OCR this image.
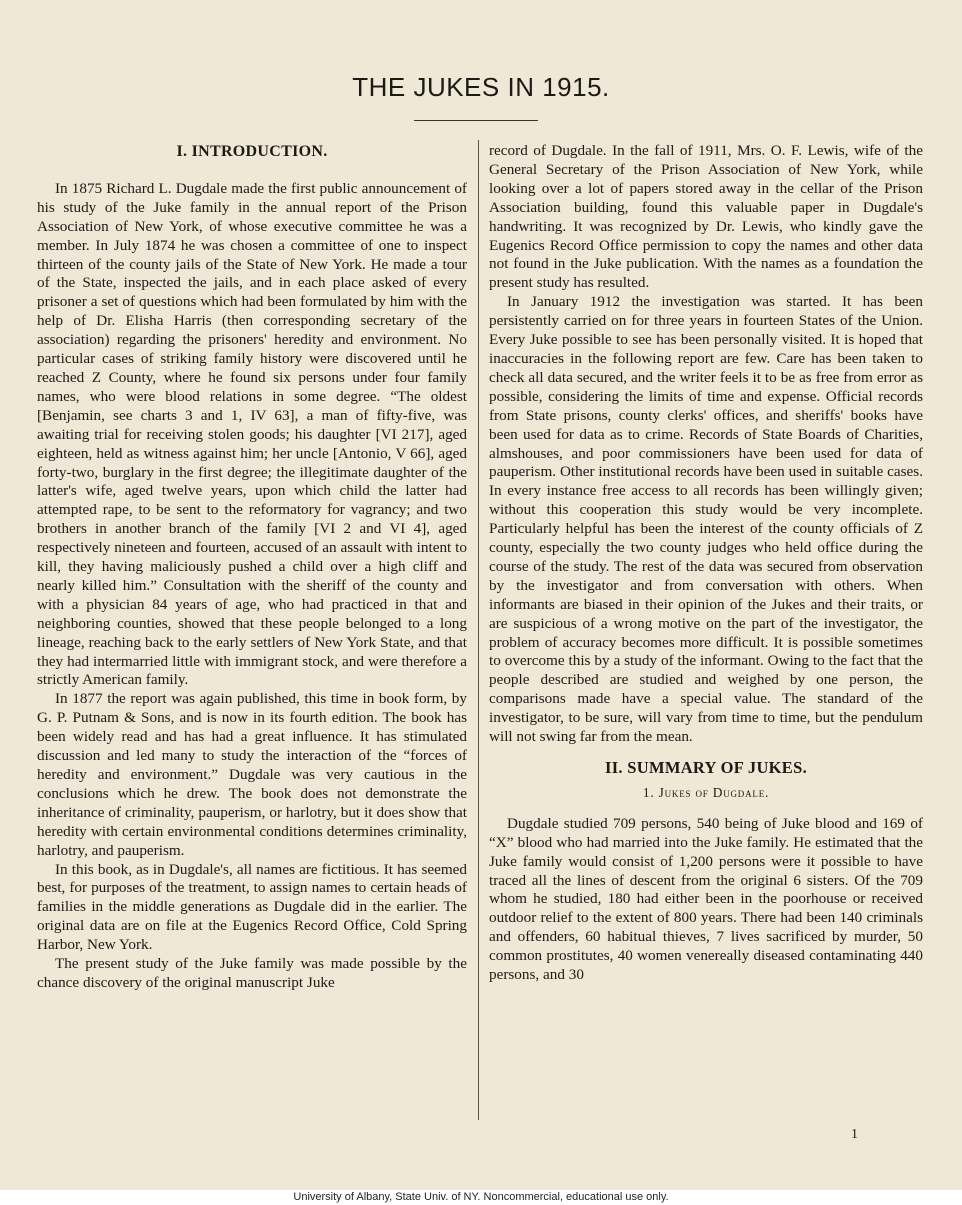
THE JUKES IN 1915.
I. INTRODUCTION.

In 1875 Richard L. Dugdale made the first public announcement of his study of the Juke family in the annual report of the Prison Association of New York, of whose executive committee he was a member. In July 1874 he was chosen a committee of one to inspect thirteen of the county jails of the State of New York. He made a tour of the State, inspected the jails, and in each place asked of every prisoner a set of questions which had been formulated by him with the help of Dr. Elisha Harris (then corresponding secretary of the association) regarding the prisoners' heredity and environment. No particular cases of striking family history were discovered until he reached Z County, where he found six persons under four family names, who were blood relations in some degree. “The oldest [Benjamin, see charts 3 and 1, IV 63], a man of fifty-five, was awaiting trial for receiving stolen goods; his daughter [VI 217], aged eighteen, held as witness against him; her uncle [Antonio, V 66], aged forty-two, burglary in the first degree; the illegitimate daughter of the latter's wife, aged twelve years, upon which child the latter had attempted rape, to be sent to the reformatory for vagrancy; and two brothers in another branch of the family [VI 2 and VI 4], aged respectively nineteen and fourteen, accused of an assault with intent to kill, they having maliciously pushed a child over a high cliff and nearly killed him.” Consultation with the sheriff of the county and with a physician 84 years of age, who had practiced in that and neighboring counties, showed that these people belonged to a long lineage, reaching back to the early settlers of New York State, and that they had intermarried little with immigrant stock, and were therefore a strictly American family.

In 1877 the report was again published, this time in book form, by G. P. Putnam & Sons, and is now in its fourth edition. The book has been widely read and has had a great influence. It has stimulated discussion and led many to study the interaction of the “forces of heredity and environment.” Dugdale was very cautious in the conclusions which he drew. The book does not demonstrate the inheritance of criminality, pauperism, or harlotry, but it does show that heredity with certain environmental conditions determines criminality, harlotry, and pauperism.

In this book, as in Dugdale's, all names are fictitious. It has seemed best, for purposes of the treatment, to assign names to certain heads of families in the middle generations as Dugdale did in the earlier. The original data are on file at the Eugenics Record Office, Cold Spring Harbor, New York.

The present study of the Juke family was made possible by the chance discovery of the original manuscript Juke

record of Dugdale. In the fall of 1911, Mrs. O. F. Lewis, wife of the General Secretary of the Prison Association of New York, while looking over a lot of papers stored away in the cellar of the Prison Association building, found this valuable paper in Dugdale's handwriting. It was recognized by Dr. Lewis, who kindly gave the Eugenics Record Office permission to copy the names and other data not found in the Juke publication. With the names as a foundation the present study has resulted.

In January 1912 the investigation was started. It has been persistently carried on for three years in fourteen States of the Union. Every Juke possible to see has been personally visited. It is hoped that inaccuracies in the following report are few. Care has been taken to check all data secured, and the writer feels it to be as free from error as possible, considering the limits of time and expense. Official records from State prisons, county clerks' offices, and sheriffs' books have been used for data as to crime. Records of State Boards of Charities, almshouses, and poor commissioners have been used for data of pauperism. Other institutional records have been used in suitable cases. In every instance free access to all records has been willingly given; without this cooperation this study would be very incomplete. Particularly helpful has been the interest of the county officials of Z county, especially the two county judges who held office during the course of the study. The rest of the data was secured from observation by the investigator and from conversation with others. When informants are biased in their opinion of the Jukes and their traits, or are suspicious of a wrong motive on the part of the investigator, the problem of accuracy becomes more difficult. It is possible sometimes to overcome this by a study of the informant. Owing to the fact that the people described are studied and weighed by one person, the comparisons made have a special value. The standard of the investigator, to be sure, will vary from time to time, but the pendulum will not swing far from the mean.

II. SUMMARY OF JUKES.
1. Jukes of Dugdale.

Dugdale studied 709 persons, 540 being of Juke blood and 169 of “X” blood who had married into the Juke family. He estimated that the Juke family would consist of 1,200 persons were it possible to have traced all the lines of descent from the original 6 sisters. Of the 709 whom he studied, 180 had either been in the poorhouse or received outdoor relief to the extent of 800 years. There had been 140 criminals and offenders, 60 habitual thieves, 7 lives sacrificed by murder, 50 common prostitutes, 40 women venereally diseased contaminating 440 persons, and 30

1
University of Albany, State Univ. of NY. Noncommercial, educational use only.
